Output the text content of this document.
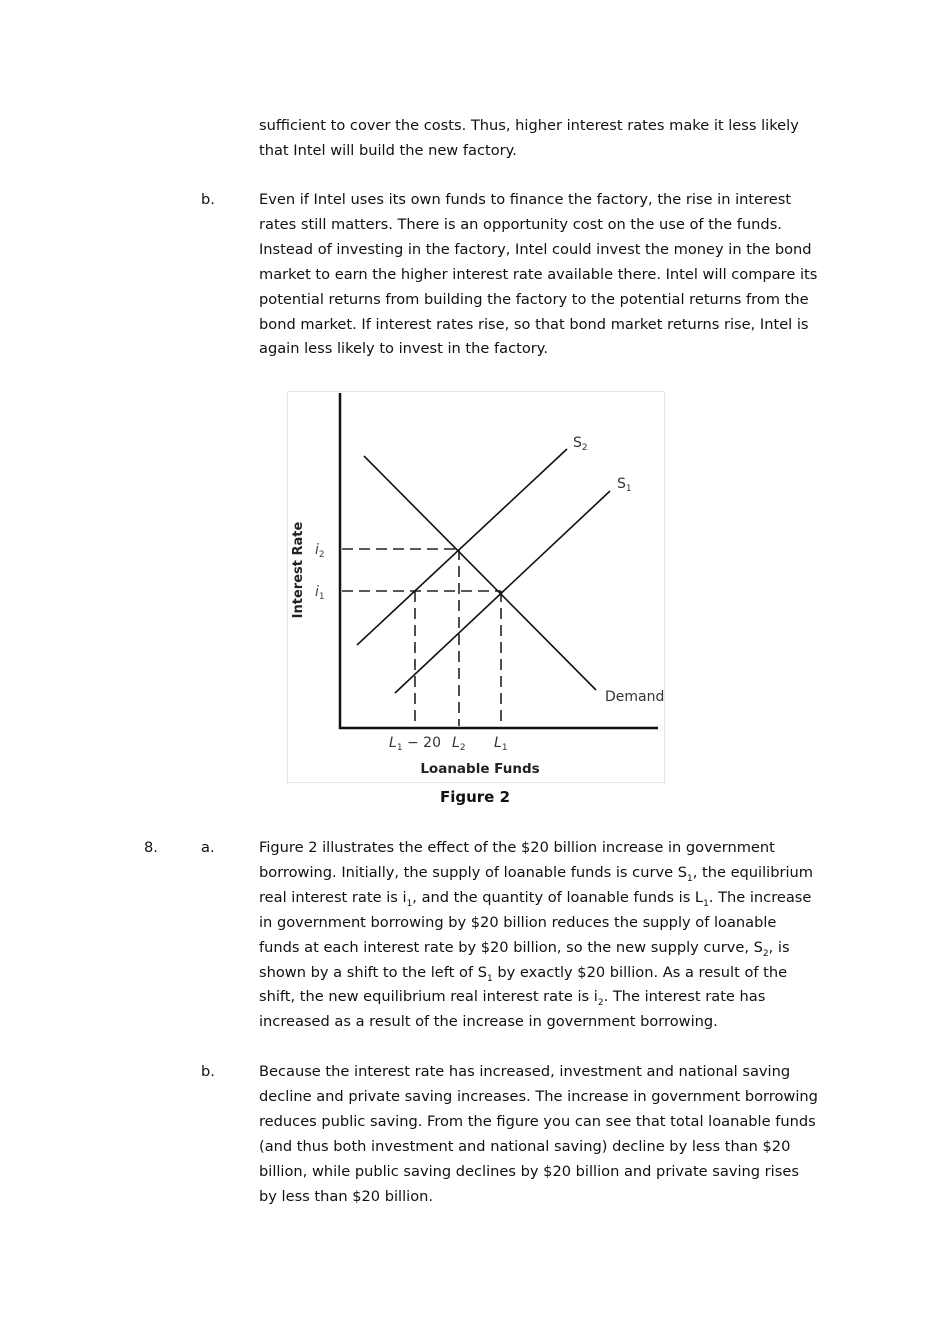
sufficient to cover the costs. Thus, higher interest rates make it less likely that Intel will build the new factory.
b.	Even if Intel uses its own funds to finance the factory, the rise in interest rates still matters. There is an opportunity cost on the use of the funds. Instead of investing in the factory, Intel could invest the money in the bond market to earn the higher interest rate available there. Intel will compare its potential returns from building the factory to the potential returns from the bond market. If interest rates rise, so that bond market returns rise, Intel is again less likely to invest in the factory.
$S_2$
$S_1$
Demand
$i_2$
$i_1$
Interest Rate
$L_1 - 20$ $L_2$ $L_1$
Loanable Funds
Figure 2
8.	a.	Figure 2 illustrates the effect of the $20 billion increase in government borrowing. Initially, the supply of loanable funds is curve $S_1$, the equilibrium real interest rate is $i_1$, and the quantity of loanable funds is $L_1$. The increase in government borrowing by $20 billion reduces the supply of loanable funds at each interest rate by $20 billion, so the new supply curve, $S_2$, is shown by a shift to the left of $S_1$ by exactly $20 billion. As a result of the shift, the new equilibrium real interest rate is $i_2$. The interest rate has increased as a result of the increase in government borrowing.
b.	Because the interest rate has increased, investment and national saving decline and private saving increases. The increase in government borrowing reduces public saving. From the figure you can see that total loanable funds (and thus both investment and national saving) decline by less than $20 billion, while public saving declines by $20 billion and private saving rises by less than $20 billion.
